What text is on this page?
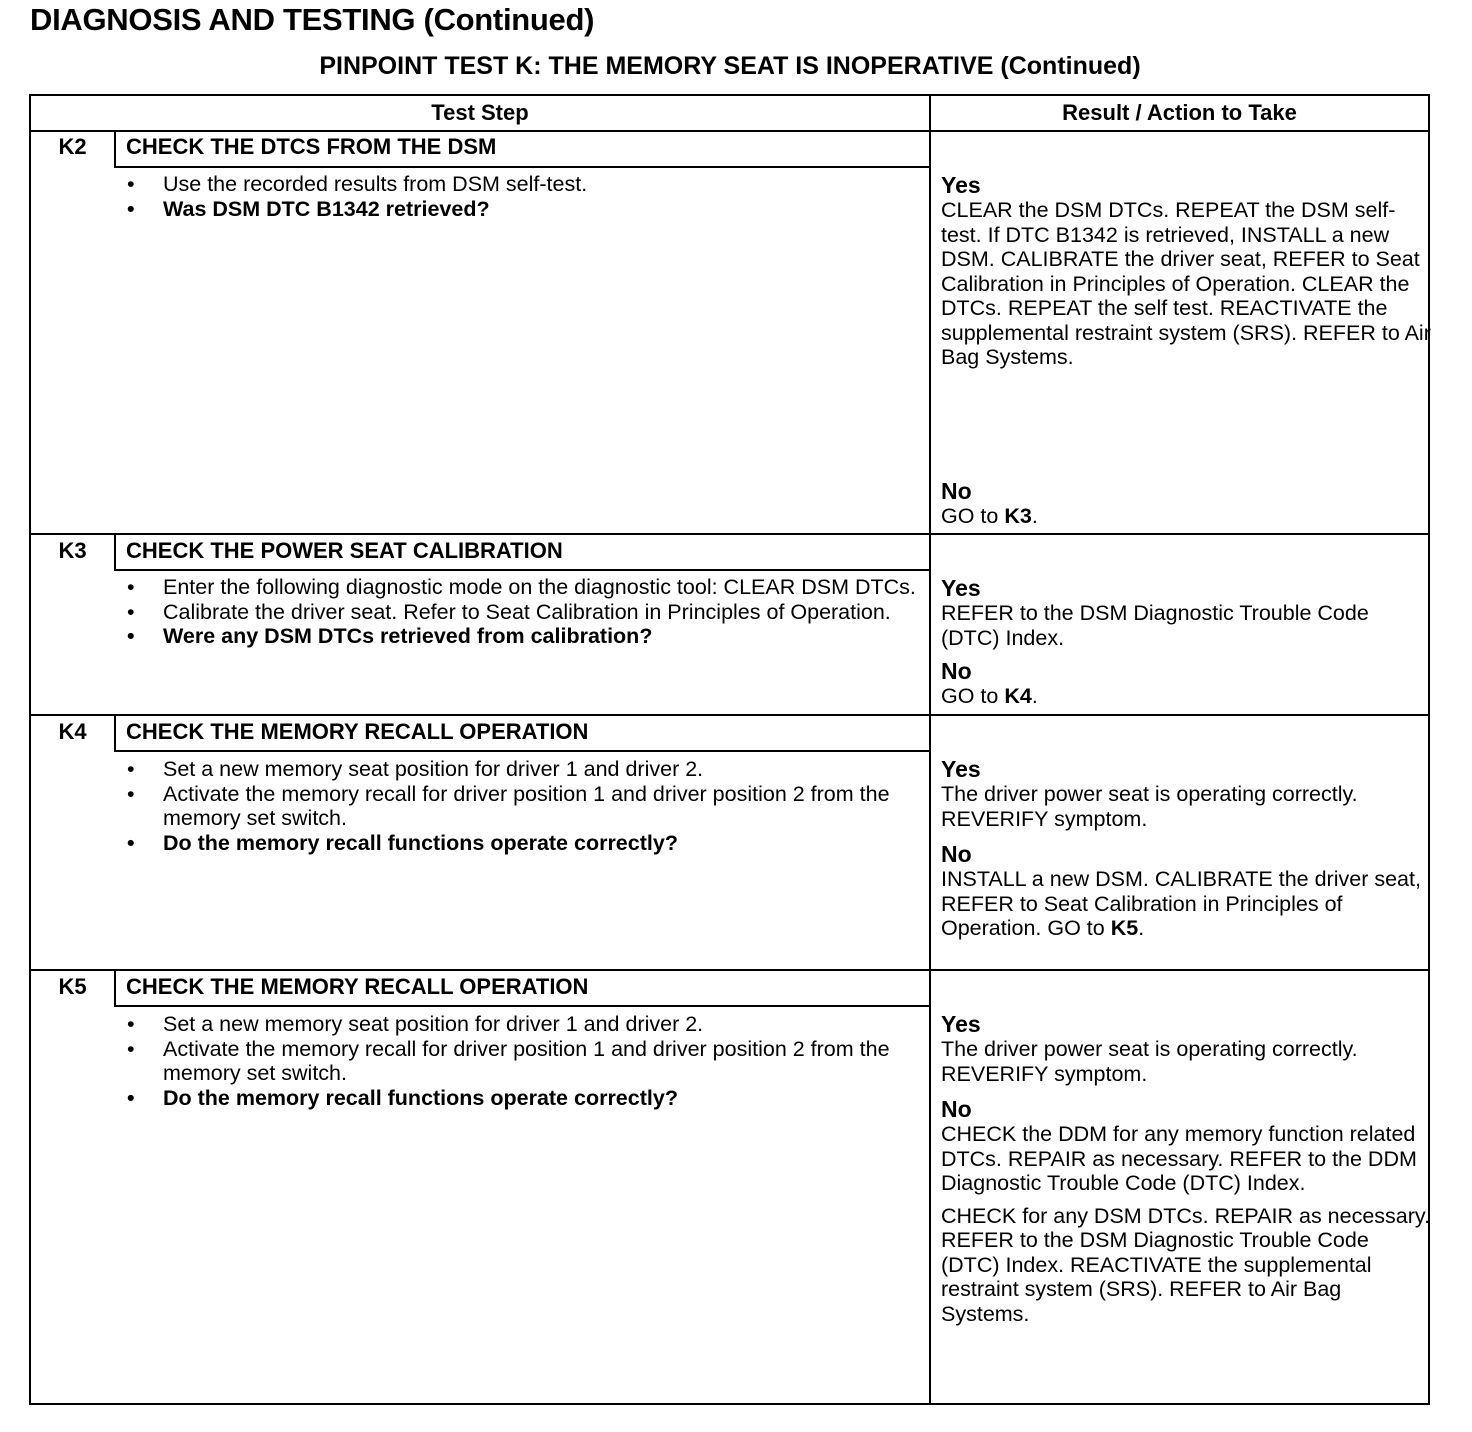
DIAGNOSIS AND TESTING (Continued)
PINPOINT TEST K: THE MEMORY SEAT IS INOPERATIVE (Continued)
Test Step	Result / Action to Take
K2	CHECK THE DTCS FROM THE DSM
• Use the recorded results from DSM self-test.
• Was DSM DTC B1342 retrieved?
Yes

CLEAR the DSM DTCs. REPEAT the DSM self-test. If DTC B1342 is retrieved, INSTALL a new DSM. CALIBRATE the driver seat, REFER to Seat Calibration in Principles of Operation. CLEAR the DTCs. REPEAT the self test. REACTIVATE the supplemental restraint system (SRS). REFER to Air Bag Systems.

No

GO to K3.

K3	CHECK THE POWER SEAT CALIBRATION
• Enter the following diagnostic mode on the diagnostic tool: CLEAR DSM DTCs.
• Calibrate the driver seat. Refer to Seat Calibration in Principles of Operation.
• Were any DSM DTCs retrieved from calibration?
Yes

REFER to the DSM Diagnostic Trouble Code (DTC) Index.

No

GO to K4.

K4	CHECK THE MEMORY RECALL OPERATION
• Set a new memory seat position for driver 1 and driver 2.
• Activate the memory recall for driver position 1 and driver position 2 from the memory set switch.
• Do the memory recall functions operate correctly?
Yes

The driver power seat is operating correctly. REVERIFY symptom.

No

INSTALL a new DSM. CALIBRATE the driver seat, REFER to Seat Calibration in Principles of Operation. GO to K5.

K5	CHECK THE MEMORY RECALL OPERATION
• Set a new memory seat position for driver 1 and driver 2.
• Activate the memory recall for driver position 1 and driver position 2 from the memory set switch.
• Do the memory recall functions operate correctly?
Yes

The driver power seat is operating correctly. REVERIFY symptom.

No

CHECK the DDM for any memory function related DTCs. REPAIR as necessary. REFER to the DDM Diagnostic Trouble Code (DTC) Index.

CHECK for any DSM DTCs. REPAIR as necessary. REFER to the DSM Diagnostic Trouble Code (DTC) Index. REACTIVATE the supplemental restraint system (SRS). REFER to Air Bag Systems.
